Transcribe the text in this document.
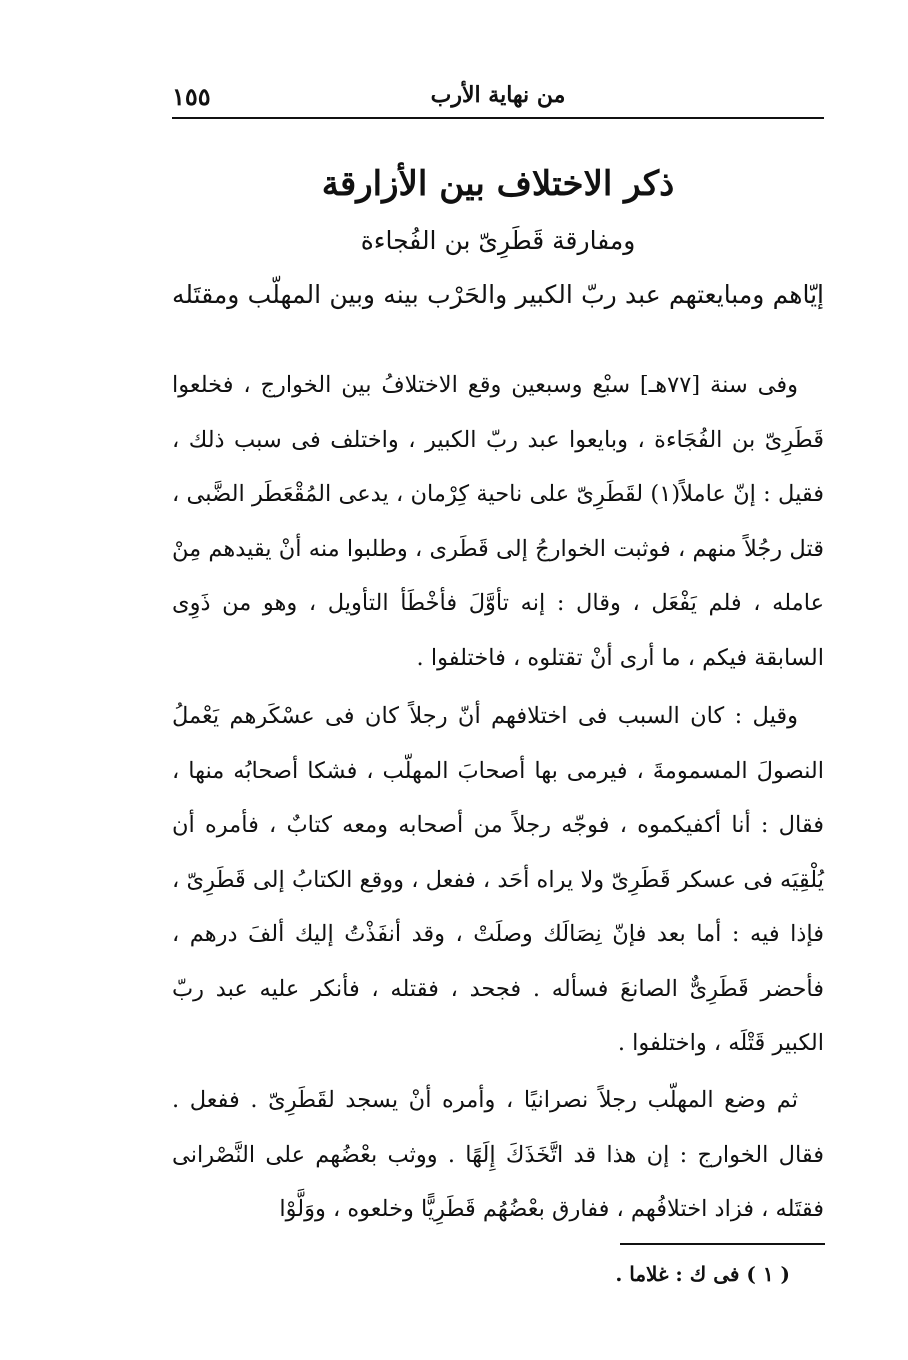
من نهاية الأرب
١٥٥
ذكر الاختلاف بين الأزارقة
ومفارقة قَطَرِىّ بن الفُجاءة
إيّاهم ومبايعتهم عبد ربّ الكبير والحَرْب بينه وبين المهلّب ومقتَله

وفى سنة [٧٧هـ] سبْع وسبعين وقع الاختلافُ بين الخوارج ، فخلعوا قَطَرِىّ بن الفُجَاءة ، وبايعوا عبد ربّ الكبير ، واختلف فى سبب ذلك ، فقيل : إنّ عاملاً(١) لقَطَرِىّ على ناحية كِرْمان ، يدعى المُقْعَطَر الضَّبى ، قتل رجُلاً منهم ، فوثبت الخوارجُ إلى قَطَرى ، وطلبوا منه أنْ يقيدهم مِنْ عامله ، فلم يَفْعَل ، وقال : إنه تأوَّلَ فأخْطَأ التأويل ، وهو من ذَوِى السابقة فيكم ، ما أرى أنْ تقتلوه ، فاختلفوا .

وقيل : كان السبب فى اختلافهم أنّ رجلاً كان فى عسْكَرهم يَعْملُ النصولَ المسمومةَ ، فيرمى بها أصحابَ المهلّب ، فشكا أصحابُه منها ، فقال : أنا أكفيكموه ، فوجّه رجلاً من أصحابه ومعه كتابٌ ، فأمره أن يُلْقِيَه فى عسكر قَطَرِىّ ولا يراه أحَد ، ففعل ، ووقع الكتابُ إلى قَطَرِىّ ، فإذا فيه : أما بعد فإنّ نِصَالَك وصلَتْ ، وقد أنفَذْتُ إليك ألفَ درهم ، فأحضر قَطَرِىٌّ الصانعَ فسأله . فجحد ، فقتله ، فأنكر عليه عبد ربّ الكبير قَتْلَه ، واختلفوا .

ثم وضع المهلّب رجلاً نصرانيًا ، وأمره أنْ يسجد لقَطَرِىّ . ففعل . فقال الخوارج : إن هذا قد اتَّخَذَكَ إِلَهًا . ووثب بعْضُهم على النَّصْرانى فقتَله ، فزاد اختلافُهم ، ففارق بعْضُهُم قَطَرِيًّا وخلعوه ، ووَلَّوْا

( ١ ) فى ك : غلاما .
